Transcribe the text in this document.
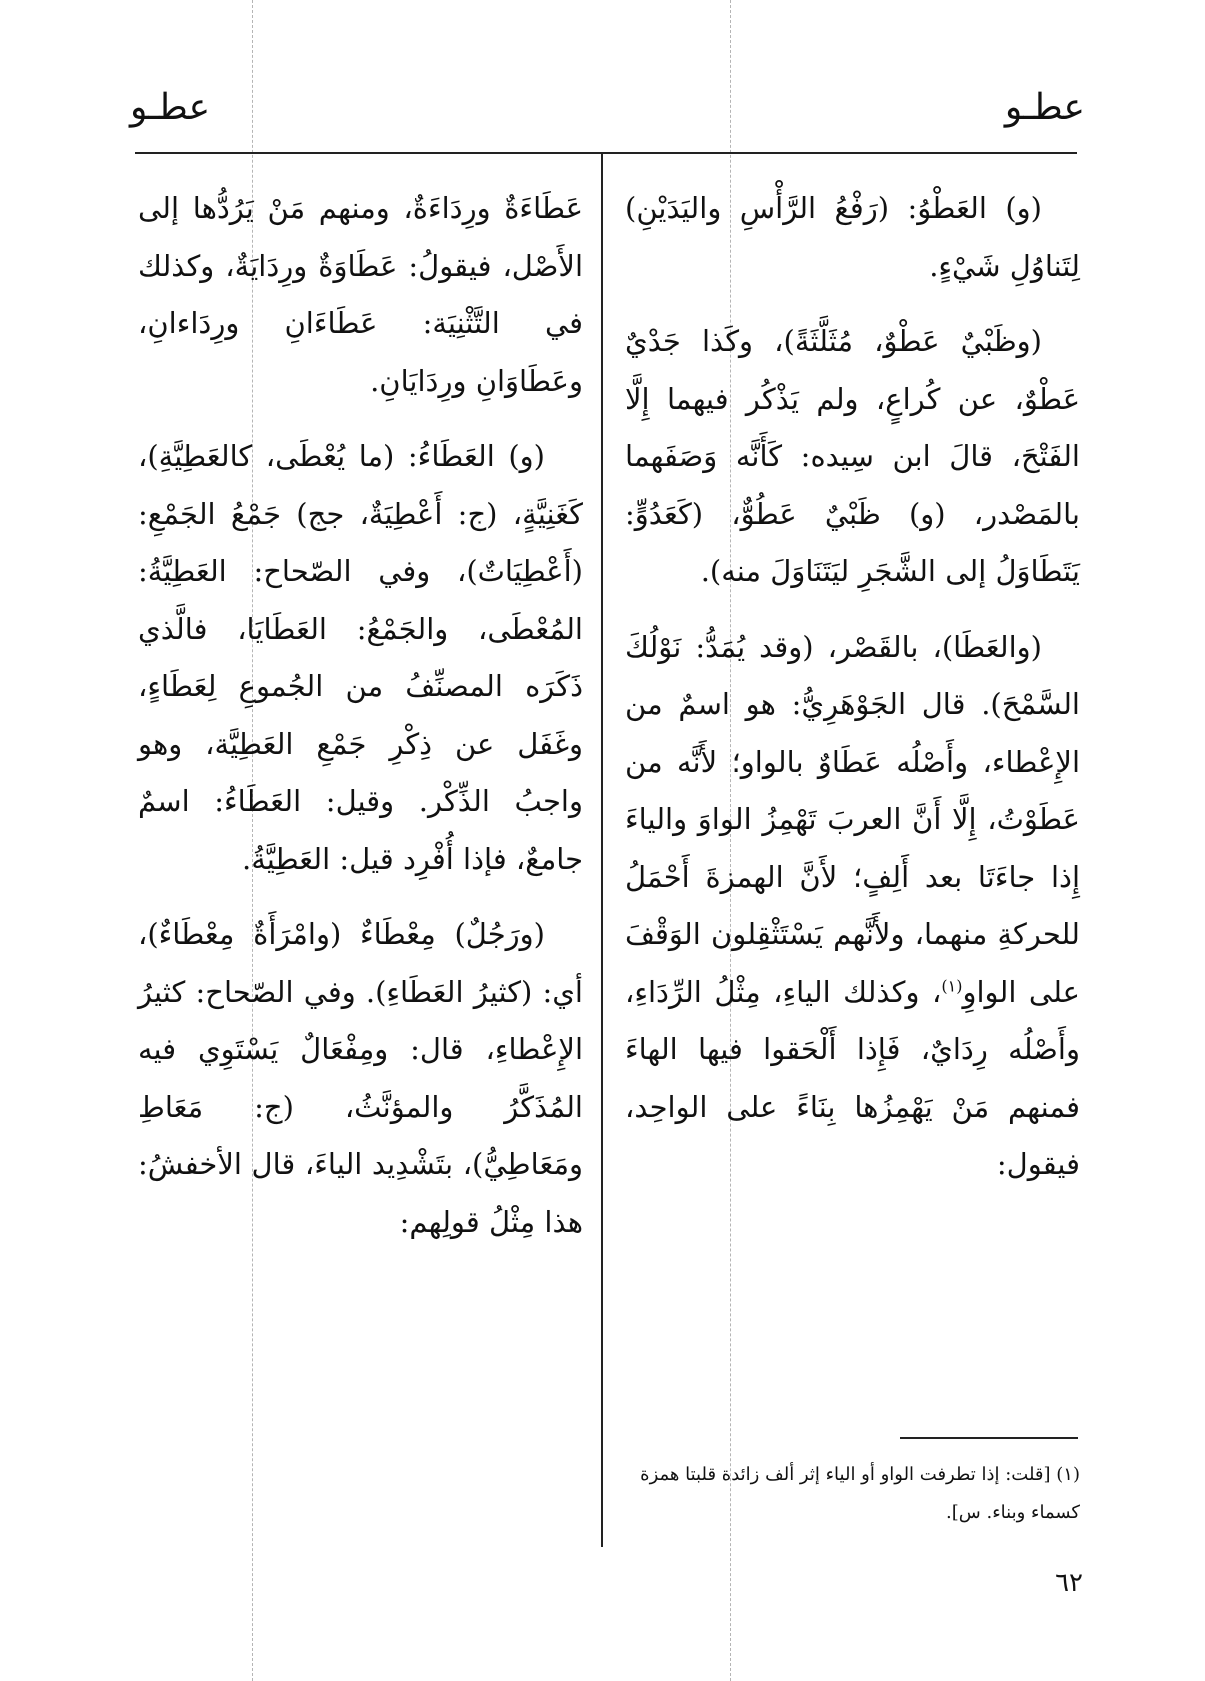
عطـو
عطـو

(و) العَطْوُ: (رَفْعُ الرَّأْسِ واليَدَيْنِ) لِتَناوُلِ شَيْءٍ.

(وظَبْيٌ عَطْوٌ، مُثَلَّثَةً)، وكَذا جَدْيٌ عَطْوٌ، عن كُراعٍ، ولم يَذْكُر فيهما إِلَّا الفَتْحَ، قالَ ابن سِيده: كَأَنَّه وَصَفَهما بالمَصْدر، (و) ظَبْيٌ عَطُوٌّ، (كَعَدُوٍّ: يَتَطَاوَلُ إلى الشَّجَرِ ليَتَنَاوَلَ منه).

(والعَطَا)، بالقَصْر، (وقد يُمَدُّ: نَوْلُكَ السَّمْحَ). قال الجَوْهَرِيُّ: هو اسمٌ من الإِعْطاء، وأَصْلُه عَطَاوٌ بالواو؛ لأَنَّه من عَطَوْتُ، إِلَّا أَنَّ العربَ تَهْمِزُ الواوَ والياءَ إِذا جاءَتَا بعد أَلِفٍ؛ لأَنَّ الهمزةَ أَحْمَلُ للحركةِ منهما، ولأَنَّهم يَسْتَثْقِلون الوَقْفَ على الواوِ$^{(١)}$، وكذلك الياءِ، مِثْلُ الرِّدَاءِ، وأَصْلُه رِدَايٌ، فَإِذا أَلْحَقوا فيها الهاءَ فمنهم مَنْ يَهْمِزُها بِنَاءً على الواحِد، فيقول:

(١) [قلت: إذا تطرفت الواو أو الياء إثر ألف زائدة قلبتا همزة كسماء وبناء. س].

عَطَاءَةٌ ورِدَاءَةٌ، ومنهم مَنْ يَرُدُّها إلى الأَصْل، فيقولُ: عَطَاوَةٌ ورِدَايَةٌ، وكذلك في التَّثْنِيَة: عَطَاءَانِ ورِدَاءانِ، وعَطَاوَانِ ورِدَايَانِ.

(و) العَطَاءُ: (ما يُعْطَى، كالعَطِيَّةِ)، كَغَنِيَّةٍ، (ج: أَعْطِيَةٌ، جج) جَمْعُ الجَمْعِ: (أَعْطِيَاتٌ)، وفي الصّحاح: العَطِيَّةُ: المُعْطَى، والجَمْعُ: العَطَايَا، فالَّذي ذَكَرَه المصنِّفُ من الجُموعِ لِعَطَاءٍ، وغَفَل عن ذِكْرِ جَمْعِ العَطِيَّة، وهو واجبُ الذِّكْر. وقيل: العَطَاءُ: اسمٌ جامعٌ، فإذا أُفْرِد قيل: العَطِيَّةُ.

(ورَجُلٌ) مِعْطَاءٌ (وامْرَأَةٌ مِعْطَاءٌ)، أي: (كثيرُ العَطَاءِ). وفي الصّحاح: كثيرُ الإِعْطاءِ، قال: ومِفْعَالٌ يَسْتَوِي فيه المُذَكَّرُ والمؤنَّثُ، (ج: مَعَاطِ ومَعَاطِيُّ)، بتَشْدِيد الياءَ، قال الأخفشُ: هذا مِثْلُ قولِهم:

٦٢
